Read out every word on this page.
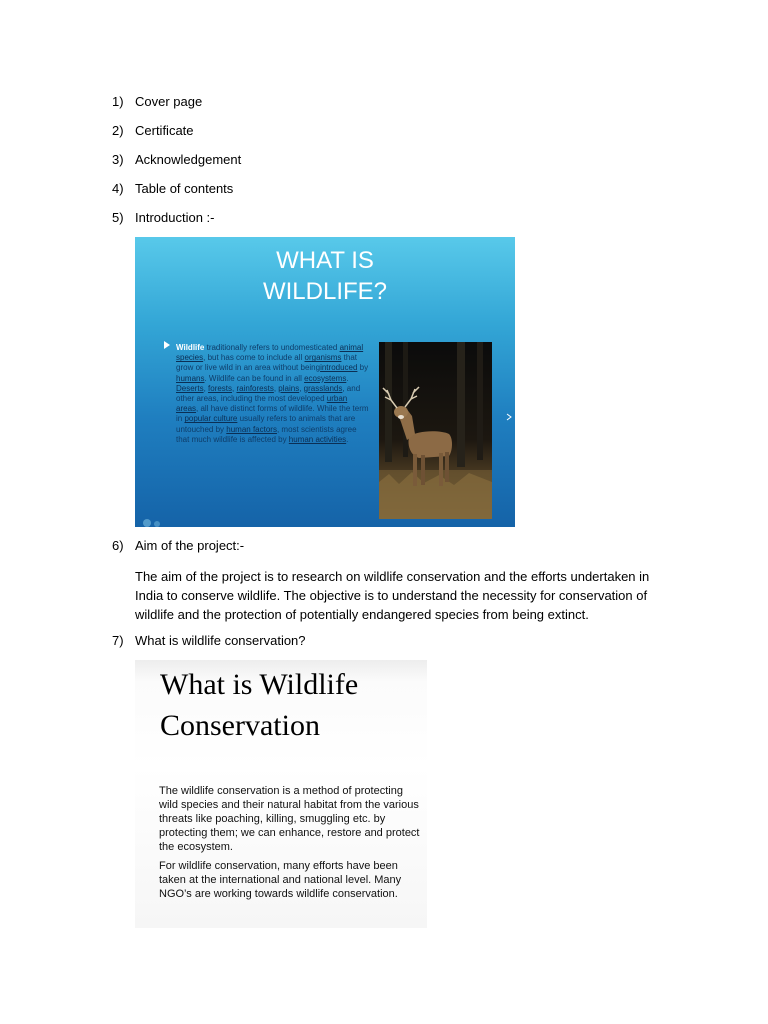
1) Cover page
2) Certificate
3) Acknowledgement
4) Table of contents
5) Introduction :-
WHAT IS
WILDLIFE?
Wildlife traditionally refers to undomesticated animal species, but has come to include all organisms that grow or live wild in an area without beingintroduced by humans. Wildlife can be found in all ecosystems. Deserts, forests, rainforests, plains, grasslands, and other areas, including the most developed urban areas, all have distinct forms of wildlife. While the term in popular culture usually refers to animals that are untouched by human factors, most scientists agree that much wildlife is affected by human activities.
6) Aim of the project:-
The aim of the project is to research on wildlife conservation and the efforts undertaken in India to conserve wildlife. The objective is to understand the necessity for conservation of wildlife and the protection of potentially endangered species from being extinct.
7) What is wildlife conservation?
What is Wildlife
Conservation
The wildlife conservation is a method of protecting wild species and their natural habitat from the various threats like poaching, killing, smuggling etc. by protecting them; we can enhance, restore and protect the ecosystem.
For wildlife conservation, many efforts have been taken at the international and national level. Many NGO’s are working towards wildlife conservation.
